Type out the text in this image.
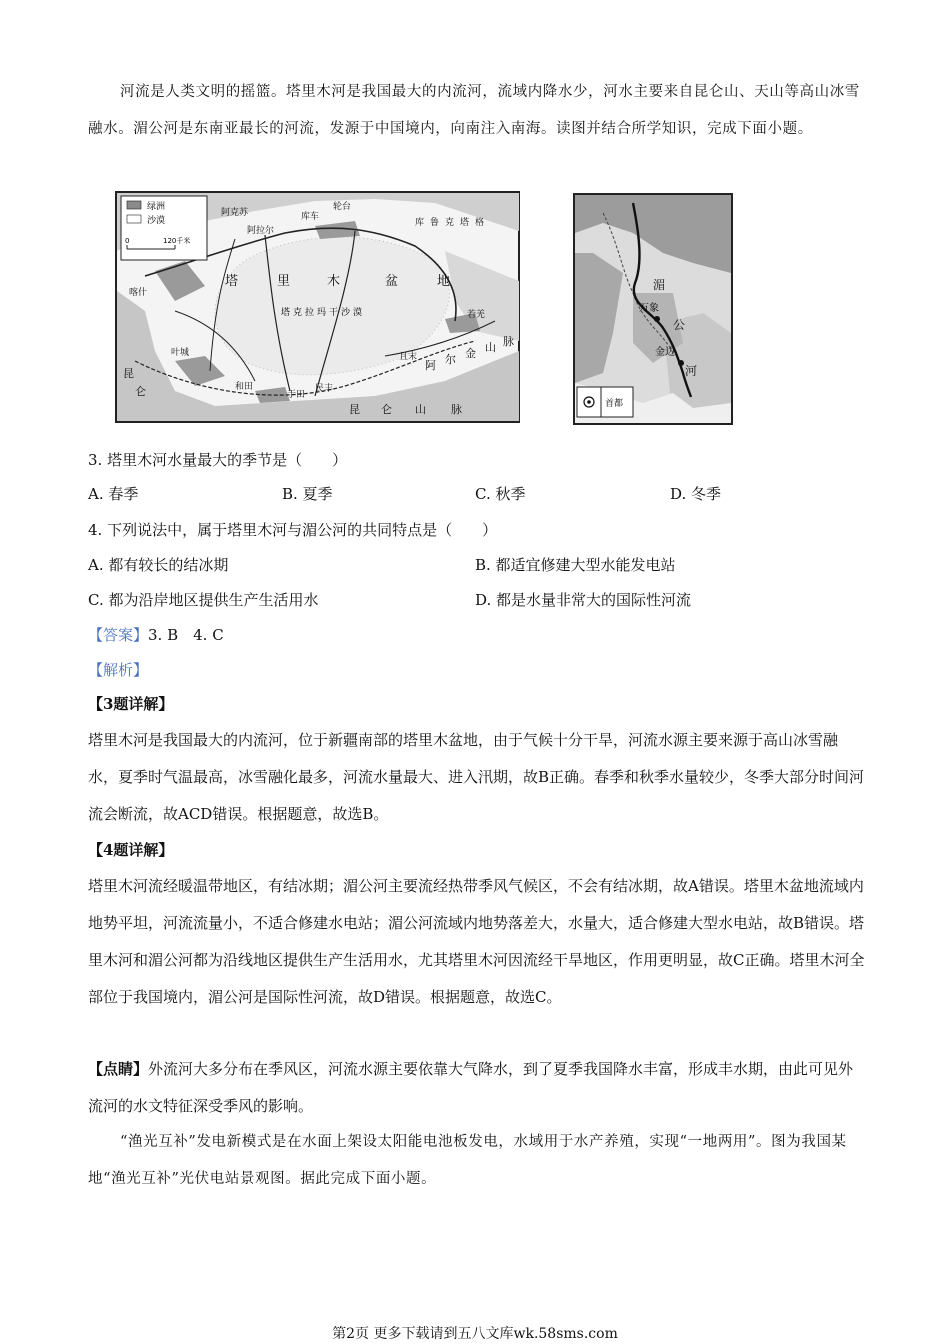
河流是人类文明的摇篮。塔里木河是我国最大的内流河，流域内降水少，河水主要来自昆仑山、天山等高山冰雪融水。湄公河是东南亚最长的河流，发源于中国境内，向南注入南海。读图并结合所学知识，完成下面小题。

绿洲
沙漠
0	120千米
轮台
库车
阿克苏
阿拉尔
库鲁克塔格
喀什
叶城
和田
于田
民丰
且末
若羌
塔	里	木	盆	地
塔克拉玛干沙漠
昆 仑 山 脉
阿 尔 金 山 脉
昆
仑
湄
公
河
万象
金边
首都
3. 塔里木河水量最大的季节是（　　）
A. 春季	B. 夏季	C. 秋季	D. 冬季
4. 下列说法中，属于塔里木河与湄公河的共同特点是（　　）
A. 都有较长的结冰期	B. 都适宜修建大型水能发电站
C. 都为沿岸地区提供生产生活用水	D. 都是水量非常大的国际性河流
【答案】3. B　4. C
【解析】
【3题详解】

塔里木河是我国最大的内流河，位于新疆南部的塔里木盆地，由于气候十分干旱，河流水源主要来源于高山冰雪融水，夏季时气温最高，冰雪融化最多，河流水量最大、进入汛期，故B正确。春季和秋季水量较少，冬季大部分时间河流会断流，故ACD错误。根据题意，故选B。

【4题详解】

塔里木河流经暖温带地区，有结冰期；湄公河主要流经热带季风气候区，不会有结冰期，故A错误。塔里木盆地流域内地势平坦，河流流量小，不适合修建水电站；湄公河流域内地势落差大，水量大，适合修建大型水电站，故B错误。塔里木河和湄公河都为沿线地区提供生产生活用水，尤其塔里木河因流经干旱地区，作用更明显，故C正确。塔里木河全部位于我国境内，湄公河是国际性河流，故D错误。根据题意，故选C。

【点睛】外流河大多分布在季风区，河流水源主要依靠大气降水，到了夏季我国降水丰富，形成丰水期，由此可见外流河的水文特征深受季风的影响。

“渔光互补”发电新模式是在水面上架设太阳能电池板发电，水域用于水产养殖，实现“一地两用”。图为我国某地“渔光互补”光伏电站景观图。据此完成下面小题。

第2页 更多下载请到五八文库wk.58sms.com
